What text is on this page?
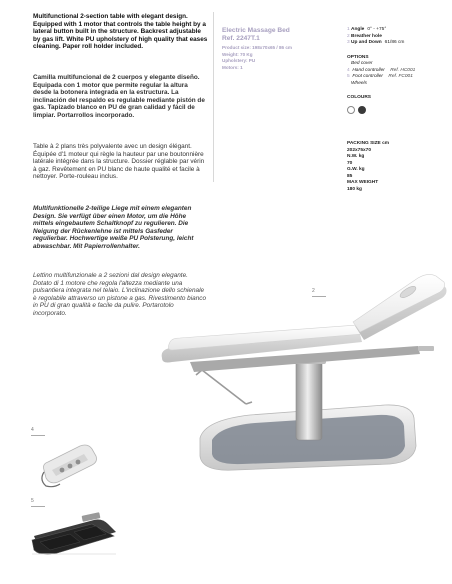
Multifunctional 2-section table with elegant design. Equipped with 1 motor that controls the table height by a lateral button built in the structure. Backrest adjustable by gas lift. White PU upholstery of high quality that eases cleaning. Paper roll holder included.

Camilla multifuncional de 2 cuerpos y elegante diseño. Equipada con 1 motor que permite regular la altura desde la botonera integrada en la estructura. La inclinación del respaldo es regulable mediante pistón de gas. Tapizado blanco en PU de gran calidad y fácil de limpiar. Portarrollos incorporado.

Table à 2 plans très polyvalente avec un design élégant. Équipée d'1 moteur qui règle la hauteur par une boutonnière latérale intégrée dans la structure. Dossier réglable par vérin à gaz. Revêtement en PU blanc de haute qualité et facile à nettoyer. Porte-rouleau inclus.

Multifunktionelle 2-teilige Liege mit einem eleganten Design. Sie verfügt über einen Motor, um die Höhe mittels eingebautem Schaltknopf zu regulieren. Die Neigung der Rückenlehne ist mittels Gasfeder regulierbar. Hochwertige weiße PU Polsterung, leicht abwaschbar. Mit Papierrollenhalter.

Lettino multifunzionale a 2 sezioni dal design elegante. Dotato di 1 motore che regola l'altezza mediante una pulsantiera integrata nel telaio. L'inclinazione dello schienale è regolabile attraverso un pistone a gas. Rivestimento bianco in PU di gran qualità e facile da pulire. Portarotolo incorporato.

Electric Massage Bed
Ref. 2247T.1
Product size: 198x70x65 / 86 cm
Weight: 70 Kg
Upholstery: PU
Motors: 1
1 Angle 0° - +75°
2 Breather hole
3 Up and Down 61/86 cm
OPTIONS
Bed cover
4 Hand controller Ref. HC001
5 Foot controller Ref. FC001
Wheels
COLOURS
PACKING SIZE cm
202x75x70
N.W. kg
70
G.W. kg
85
MAX WEIGHT
180 kg
2
4
5
